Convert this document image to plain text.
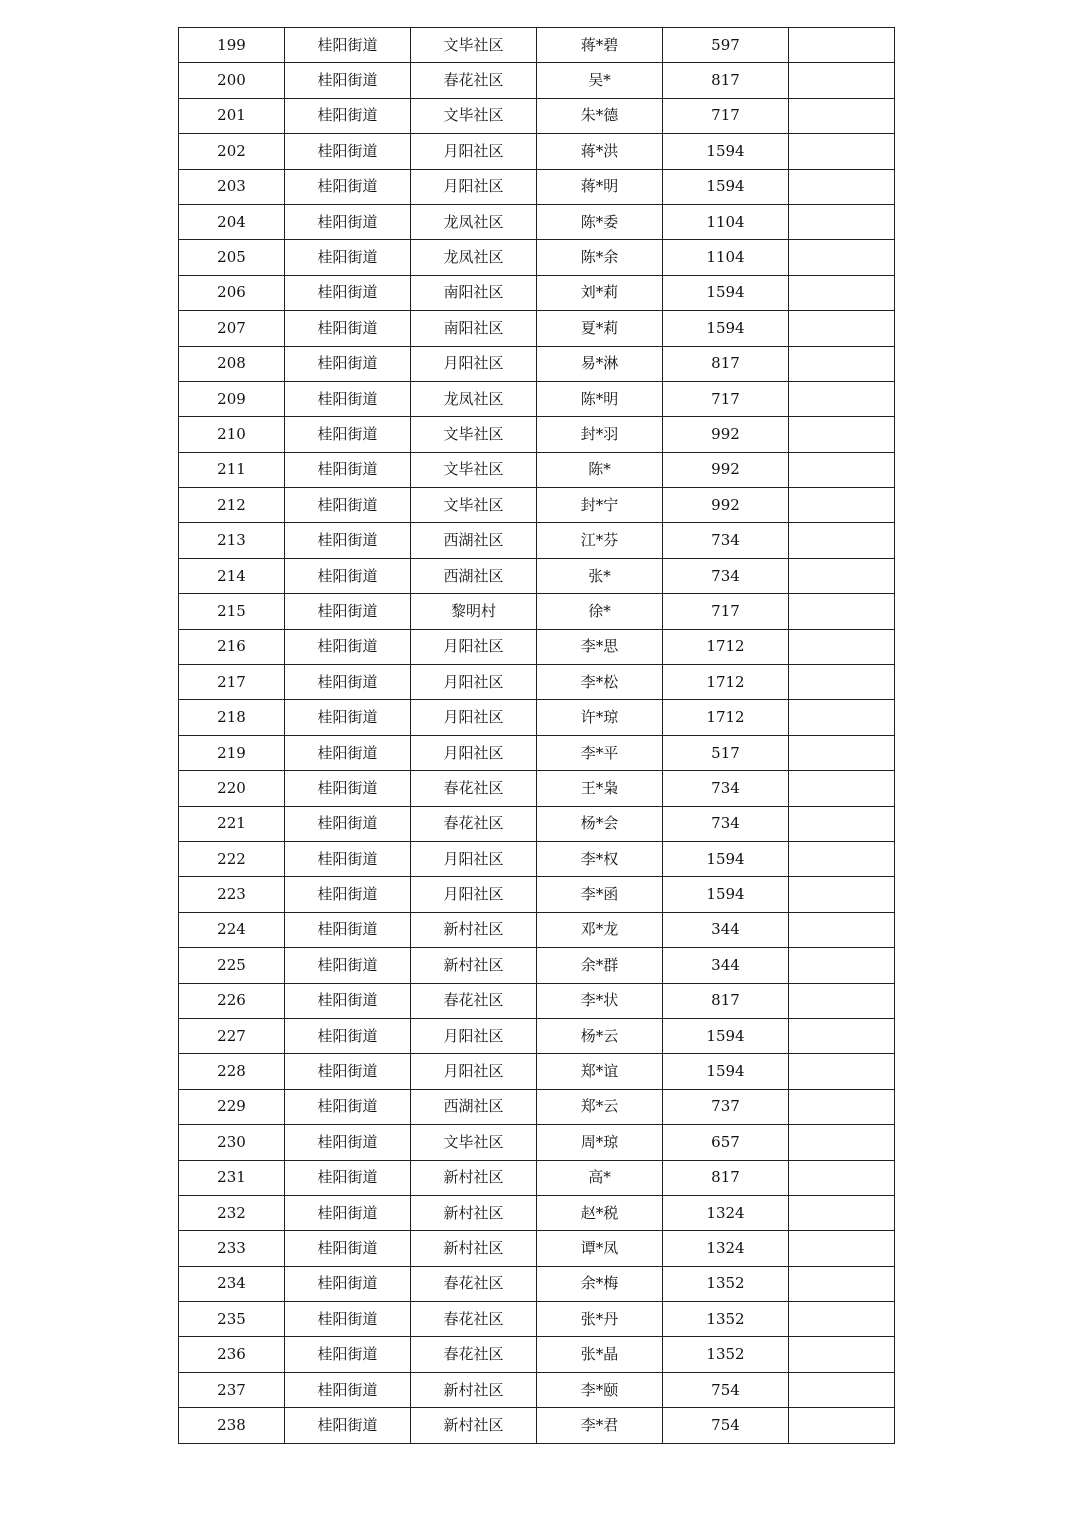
199	桂阳街道	文毕社区	蒋*碧	597	
200	桂阳街道	春花社区	吴*	817	
201	桂阳街道	文毕社区	朱*德	717	
202	桂阳街道	月阳社区	蒋*洪	1594	
203	桂阳街道	月阳社区	蒋*明	1594	
204	桂阳街道	龙凤社区	陈*委	1104	
205	桂阳街道	龙凤社区	陈*余	1104	
206	桂阳街道	南阳社区	刘*莉	1594	
207	桂阳街道	南阳社区	夏*莉	1594	
208	桂阳街道	月阳社区	易*淋	817	
209	桂阳街道	龙凤社区	陈*明	717	
210	桂阳街道	文毕社区	封*羽	992	
211	桂阳街道	文毕社区	陈*	992	
212	桂阳街道	文毕社区	封*宁	992	
213	桂阳街道	西湖社区	江*芬	734	
214	桂阳街道	西湖社区	张*	734	
215	桂阳街道	黎明村	徐*	717	
216	桂阳街道	月阳社区	李*思	1712	
217	桂阳街道	月阳社区	李*松	1712	
218	桂阳街道	月阳社区	许*琼	1712	
219	桂阳街道	月阳社区	李*平	517	
220	桂阳街道	春花社区	王*枭	734	
221	桂阳街道	春花社区	杨*会	734	
222	桂阳街道	月阳社区	李*权	1594	
223	桂阳街道	月阳社区	李*函	1594	
224	桂阳街道	新村社区	邓*龙	344	
225	桂阳街道	新村社区	余*群	344	
226	桂阳街道	春花社区	李*状	817	
227	桂阳街道	月阳社区	杨*云	1594	
228	桂阳街道	月阳社区	郑*谊	1594	
229	桂阳街道	西湖社区	郑*云	737	
230	桂阳街道	文毕社区	周*琼	657	
231	桂阳街道	新村社区	高*	817	
232	桂阳街道	新村社区	赵*税	1324	
233	桂阳街道	新村社区	谭*凤	1324	
234	桂阳街道	春花社区	余*梅	1352	
235	桂阳街道	春花社区	张*丹	1352	
236	桂阳街道	春花社区	张*晶	1352	
237	桂阳街道	新村社区	李*颐	754	
238	桂阳街道	新村社区	李*君	754	
